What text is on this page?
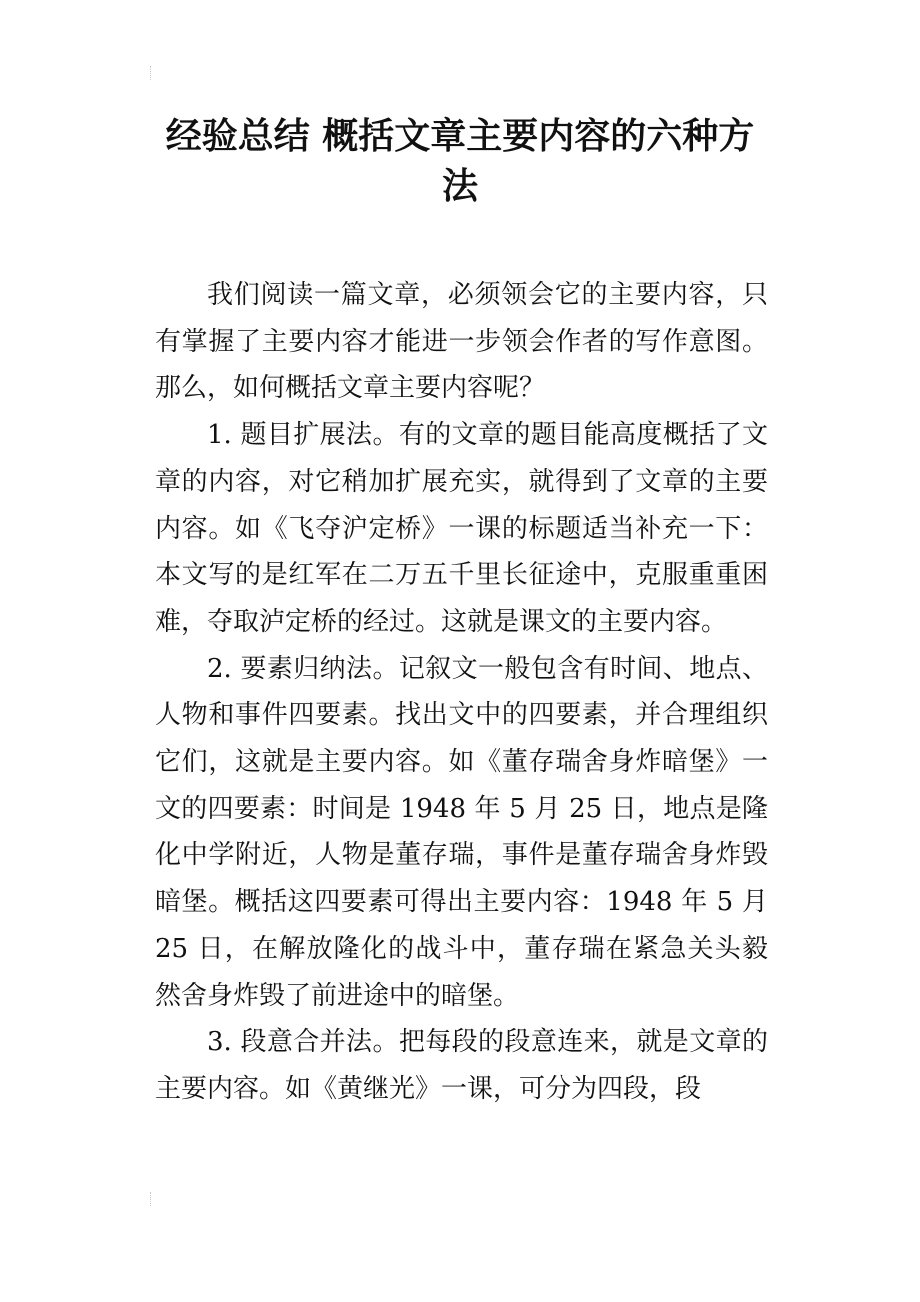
经验总结 概括文章主要内容的六种方法

我们阅读一篇文章，必须领会它的主要内容，只有掌握了主要内容才能进一步领会作者的写作意图。那么，如何概括文章主要内容呢？

1. 题目扩展法。有的文章的题目能高度概括了文章的内容，对它稍加扩展充实，就得到了文章的主要内容。如《飞夺沪定桥》一课的标题适当补充一下：本文写的是红军在二万五千里长征途中，克服重重困难，夺取泸定桥的经过。这就是课文的主要内容。

2. 要素归纳法。记叙文一般包含有时间、地点、人物和事件四要素。找出文中的四要素，并合理组织它们，这就是主要内容。如《董存瑞舍身炸暗堡》一文的四要素：时间是 1948 年 5 月 25 日，地点是隆化中学附近，人物是董存瑞，事件是董存瑞舍身炸毁暗堡。概括这四要素可得出主要内容：1948 年 5 月 25 日，在解放隆化的战斗中，董存瑞在紧急关头毅然舍身炸毁了前进途中的暗堡。

3. 段意合并法。把每段的段意连来，就是文章的主要内容。如《黄继光》一课，可分为四段，段
